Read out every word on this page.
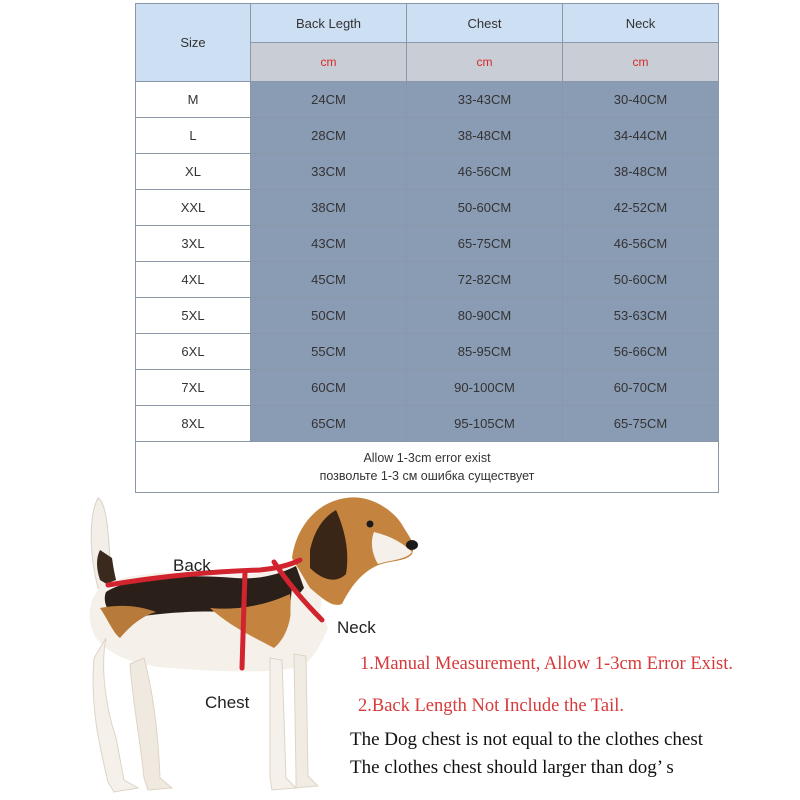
Size	Back Legth	Chest	Neck
	cm	cm	cm
M	24CM	33-43CM	30-40CM
L	28CM	38-48CM	34-44CM
XL	33CM	46-56CM	38-48CM
XXL	38CM	50-60CM	42-52CM
3XL	43CM	65-75CM	46-56CM
4XL	45CM	72-82CM	50-60CM
5XL	50CM	80-90CM	53-63CM
6XL	55CM	85-95CM	56-66CM
7XL	60CM	90-100CM	60-70CM
8XL	65CM	95-105CM	65-75CM

Allow 1-3cm error exist
позвольте 1-3 см ошибка существует			
Back
Neck
Chest
1.Manual Measurement, Allow 1-3cm Error Exist.
2.Back Length Not Include the Tail.
The Dog chest is not equal to the clothes chest
The clothes chest should larger than dog’ s
